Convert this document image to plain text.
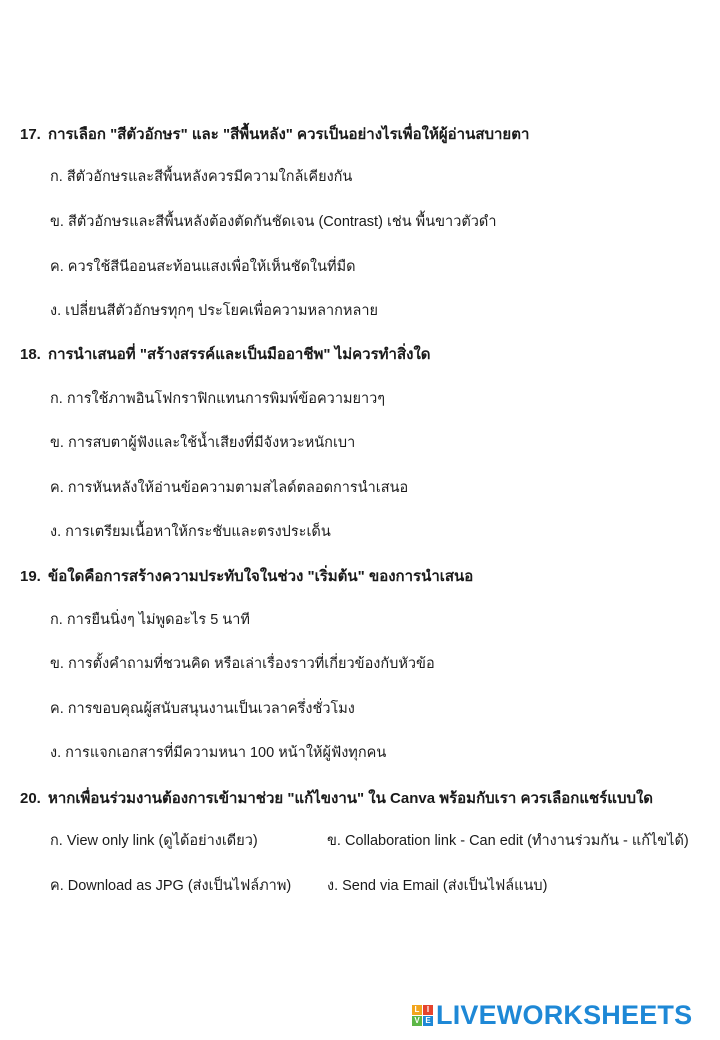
17. การเลือก "สีตัวอักษร" และ "สีพื้นหลัง" ควรเป็นอย่างไรเพื่อให้ผู้อ่านสบายตา
ก. สีตัวอักษรและสีพื้นหลังควรมีความใกล้เคียงกัน
ข. สีตัวอักษรและสีพื้นหลังต้องตัดกันชัดเจน (Contrast) เช่น พื้นขาวตัวดำ
ค. ควรใช้สีนีออนสะท้อนแสงเพื่อให้เห็นชัดในที่มืด
ง. เปลี่ยนสีตัวอักษรทุกๆ ประโยคเพื่อความหลากหลาย
18. การนำเสนอที่ "สร้างสรรค์และเป็นมืออาชีพ" ไม่ควรทำสิ่งใด
ก. การใช้ภาพอินโฟกราฟิกแทนการพิมพ์ข้อความยาวๆ
ข. การสบตาผู้ฟังและใช้น้ำเสียงที่มีจังหวะหนักเบา
ค. การหันหลังให้อ่านข้อความตามสไลด์ตลอดการนำเสนอ
ง. การเตรียมเนื้อหาให้กระชับและตรงประเด็น
19. ข้อใดคือการสร้างความประทับใจในช่วง "เริ่มต้น" ของการนำเสนอ
ก. การยืนนิ่งๆ ไม่พูดอะไร 5 นาที
ข. การตั้งคำถามที่ชวนคิด หรือเล่าเรื่องราวที่เกี่ยวข้องกับหัวข้อ
ค. การขอบคุณผู้สนับสนุนงานเป็นเวลาครึ่งชั่วโมง
ง. การแจกเอกสารที่มีความหนา 100 หน้าให้ผู้ฟังทุกคน
20. หากเพื่อนร่วมงานต้องการเข้ามาช่วย "แก้ไขงาน" ใน Canva พร้อมกับเรา ควรเลือกแชร์แบบใด
ก. View only link (ดูได้อย่างเดียว)	ข. Collaboration link - Can edit (ทำงานร่วมกัน - แก้ไขได้)
ค. Download as JPG (ส่งเป็นไฟล์ภาพ) ง. Send via Email (ส่งเป็นไฟล์แนบ)
L I
V E LIVEWORKSHEETS
